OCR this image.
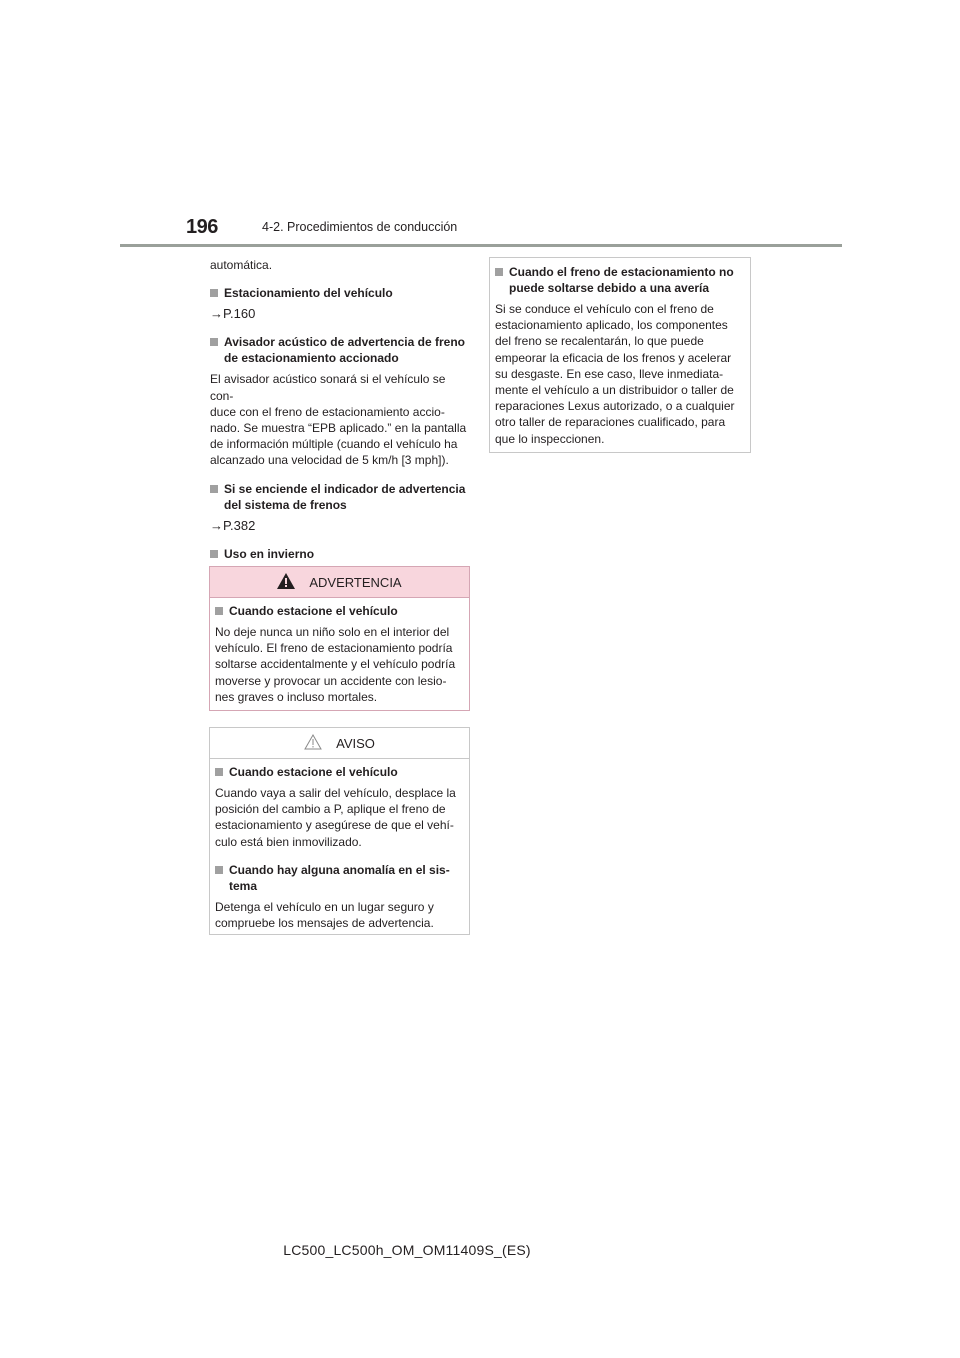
196	4-2. Procedimientos de conducción

automática.

Estacionamiento del vehículo

→P.160

Avisador acústico de advertencia de freno
de estacionamiento accionado

El avisador acústico sonará si el vehículo se con-

duce con el freno de estacionamiento accio-

nado. Se muestra “EPB aplicado.” en la pantalla

de información múltiple (cuando el vehículo ha

alcanzado una velocidad de 5 km/h [3 mph]).

Si se enciende el indicador de advertencia
del sistema de frenos

→P.382

Uso en invierno

ADVERTENCIA
Cuando estacione el vehículo

No deje nunca un niño solo en el interior del

vehículo. El freno de estacionamiento podría

soltarse accidentalmente y el vehículo podría

moverse y provocar un accidente con lesio-

nes graves o incluso mortales.

AVISO
Cuando estacione el vehículo

Cuando vaya a salir del vehículo, desplace la

posición del cambio a P, aplique el freno de

estacionamiento y asegúrese de que el vehí-

culo está bien inmovilizado.

Cuando hay alguna anomalía en el sis-
tema

Detenga el vehículo en un lugar seguro y

compruebe los mensajes de advertencia.

Cuando el freno de estacionamiento no
puede soltarse debido a una avería

Si se conduce el vehículo con el freno de

estacionamiento aplicado, los componentes

del freno se recalentarán, lo que puede

empeorar la eficacia de los frenos y acelerar

su desgaste. En ese caso, lleve inmediata-

mente el vehículo a un distribuidor o taller de

reparaciones Lexus autorizado, o a cualquier

otro taller de reparaciones cualificado, para

que lo inspeccionen.

LC500_LC500h_OM_OM11409S_(ES)
